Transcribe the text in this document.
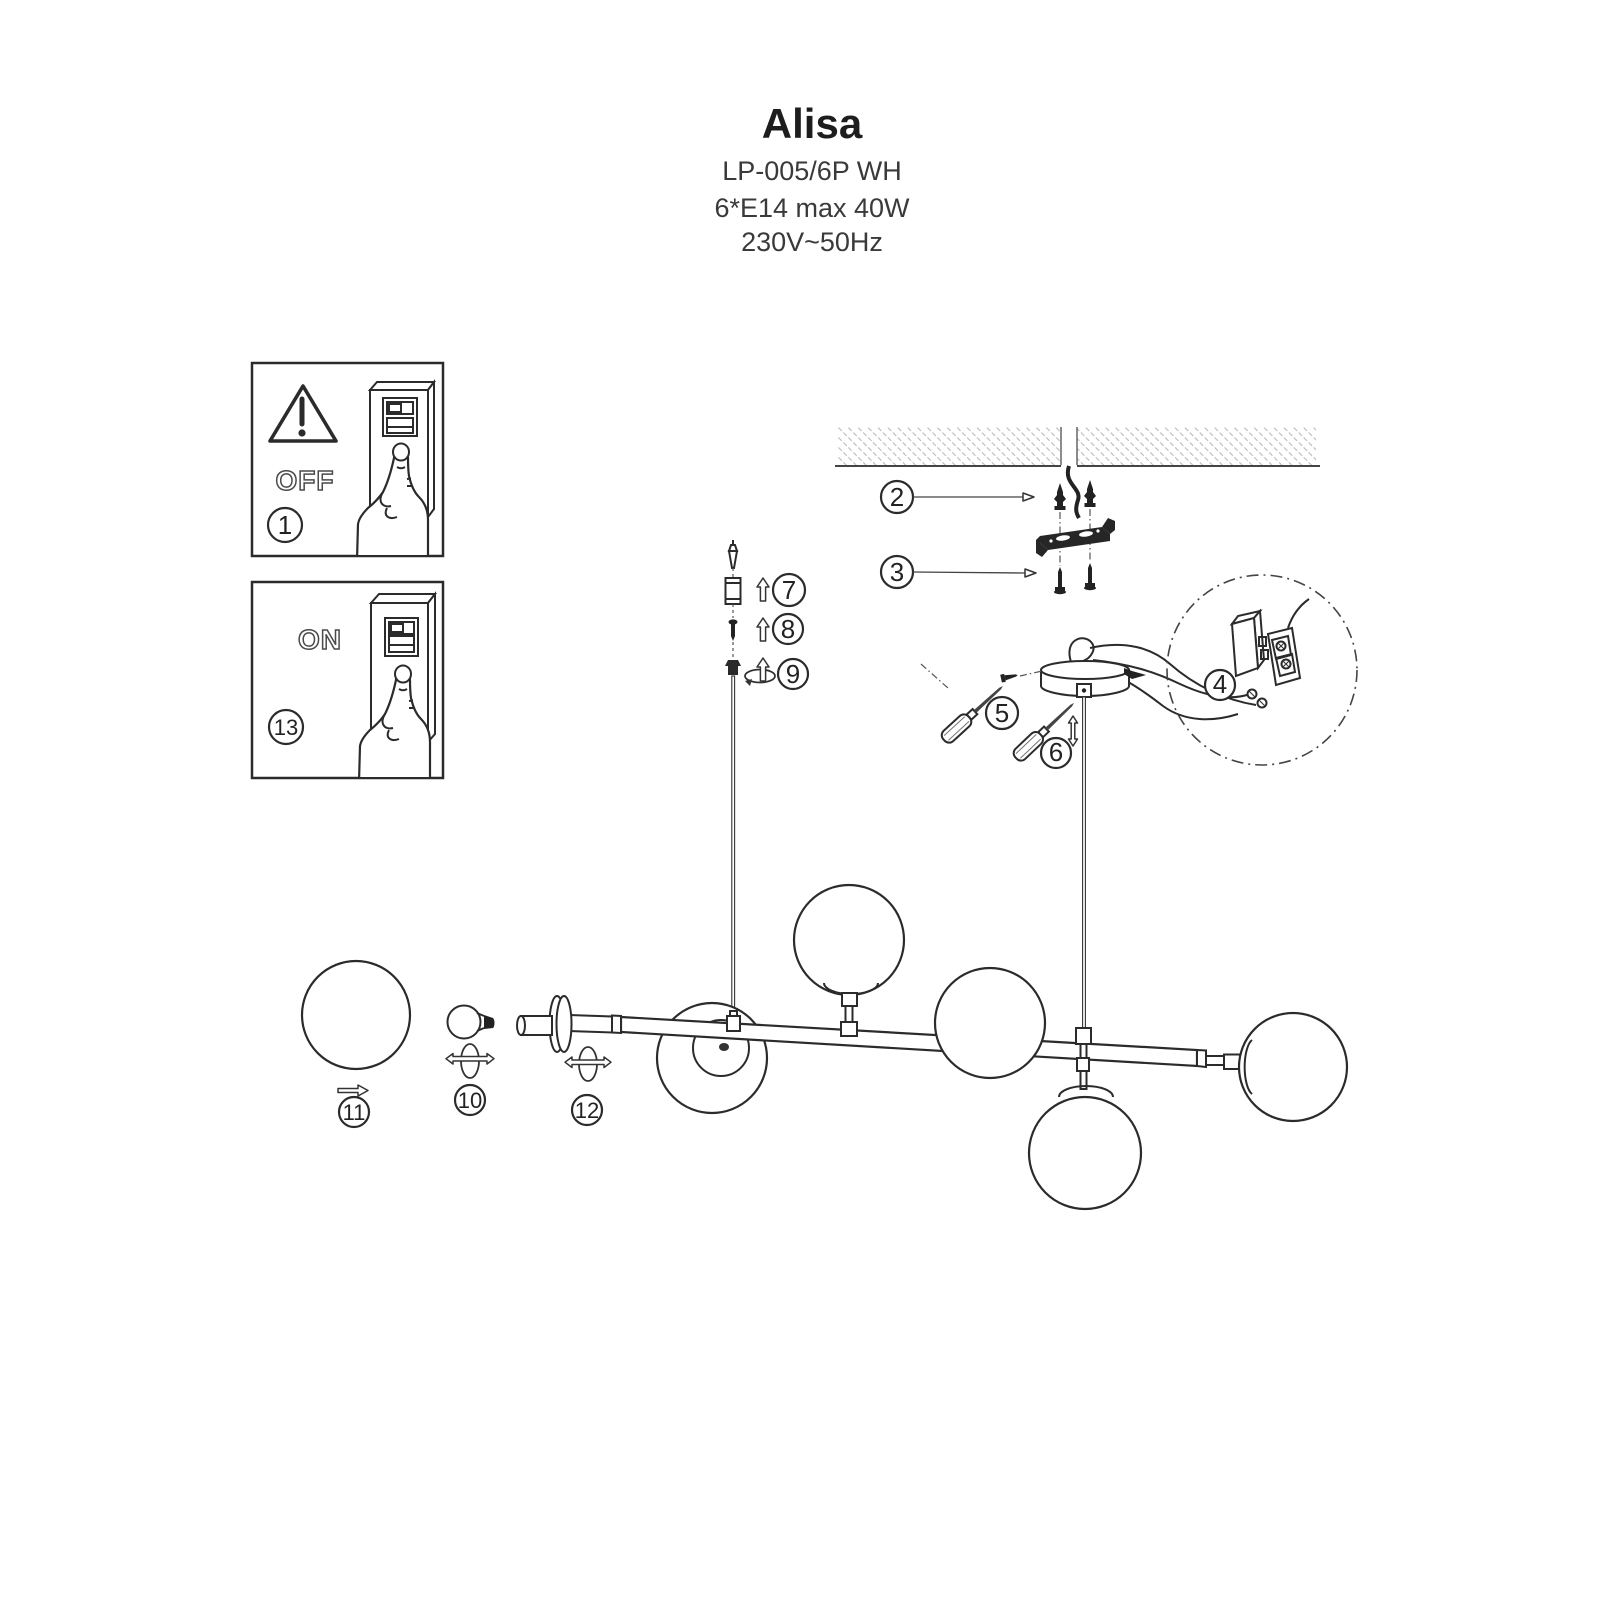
Alisa
LP-005/6P WH
6*E14 max 40W
230V~50Hz
OFF
1
ON
13
2
3
5
6
4
7
8
9
10
11	12
